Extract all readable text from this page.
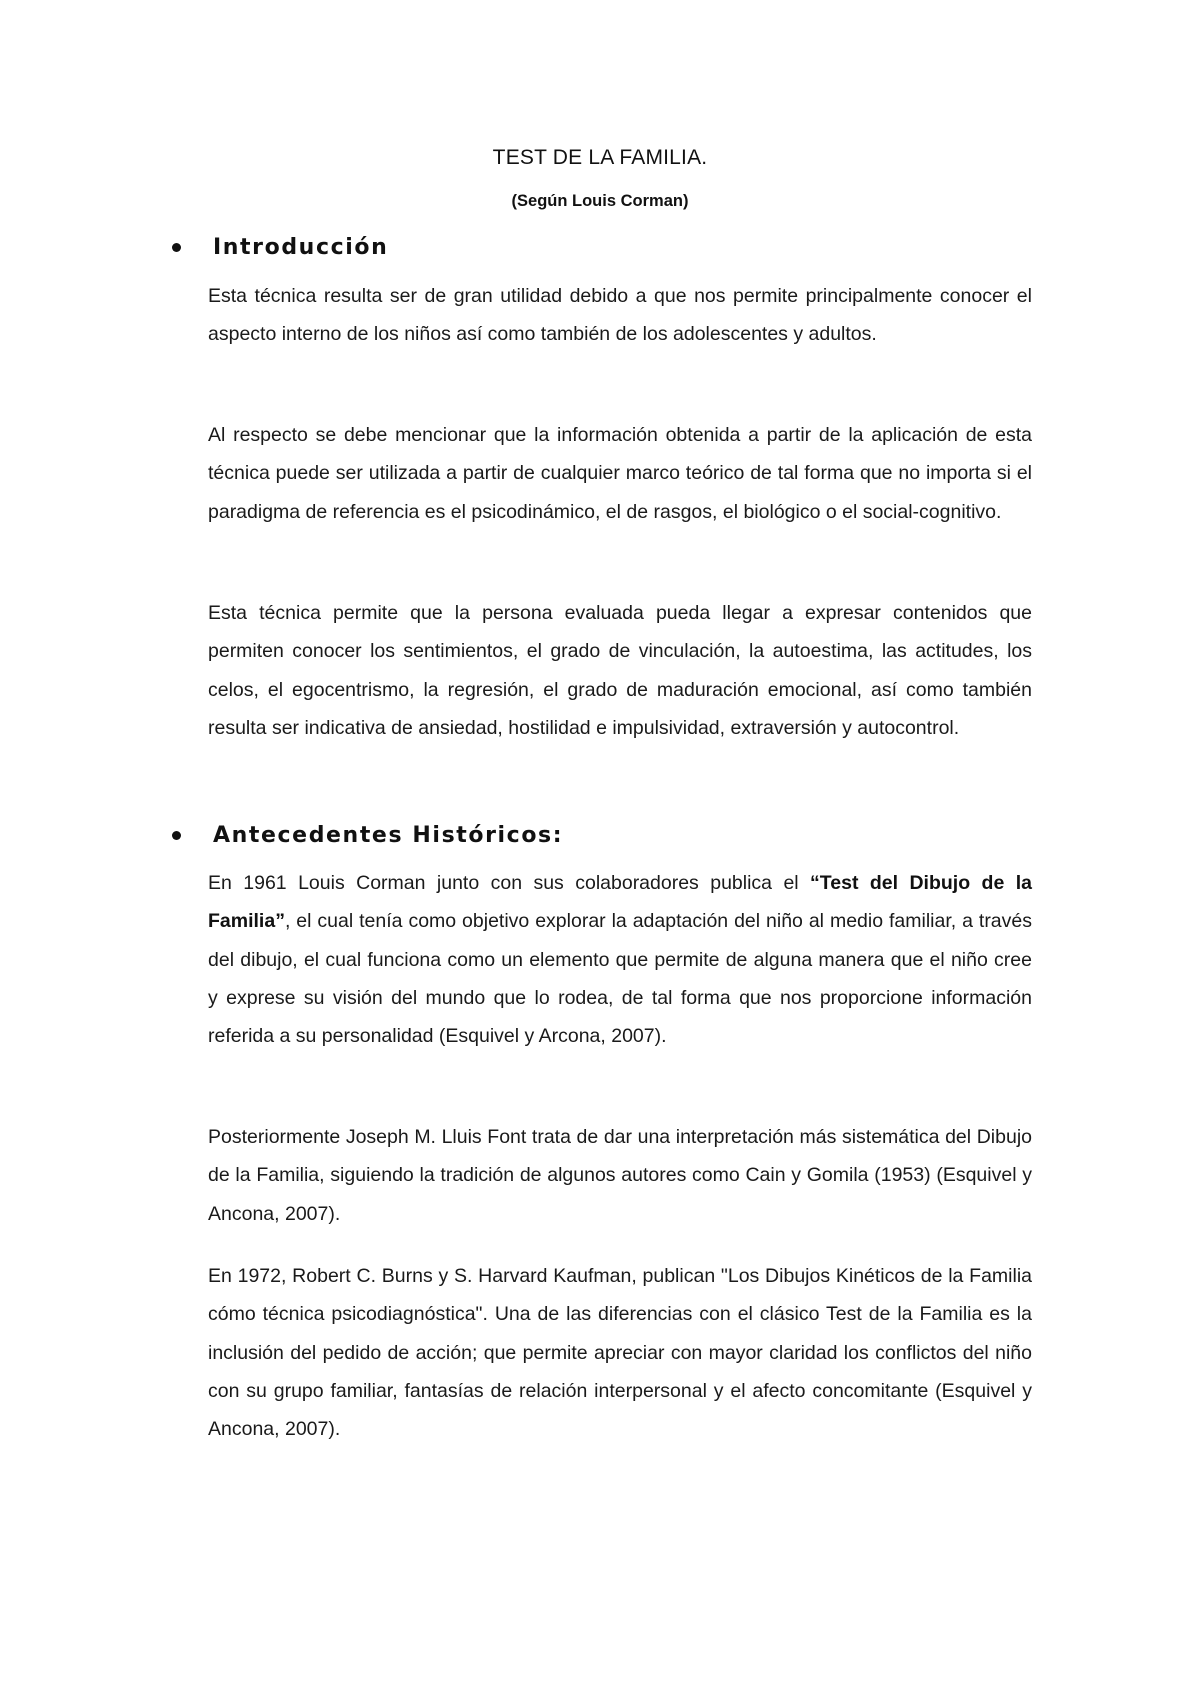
TEST DE LA FAMILIA.
(Según Louis Corman)
Introducción

Esta técnica resulta ser de gran utilidad debido a que nos permite principalmente conocer el aspecto interno de los niños así como también de los adolescentes y adultos.

Al respecto se debe mencionar que la información obtenida a partir de la aplicación de esta técnica puede ser utilizada a partir de cualquier marco teórico de tal forma que no importa si el paradigma de referencia es el psicodinámico, el de rasgos, el biológico o el social-cognitivo.

Esta técnica permite que la persona evaluada pueda llegar a expresar contenidos que permiten conocer los sentimientos, el grado de vinculación, la autoestima, las actitudes, los celos, el egocentrismo, la regresión, el grado de maduración emocional, así como también resulta ser indicativa de ansiedad, hostilidad e impulsividad, extraversión y autocontrol.

Antecedentes Históricos:

En 1961 Louis Corman junto con sus colaboradores publica el “Test del Dibujo de la Familia”, el cual tenía como objetivo explorar la adaptación del niño al medio familiar, a través del dibujo, el cual funciona como un elemento que permite de alguna manera que el niño cree y exprese su visión del mundo que lo rodea, de tal forma que nos proporcione información referida a su personalidad (Esquivel y Arcona, 2007).

Posteriormente Joseph M. Lluis Font trata de dar una interpretación más sistemática del Dibujo de la Familia, siguiendo la tradición de algunos autores como Cain y Gomila (1953) (Esquivel y Ancona, 2007).

En 1972, Robert C. Burns y S. Harvard Kaufman, publican "Los Dibujos Kinéticos de la Familia cómo técnica psicodiagnóstica". Una de las diferencias con el clásico Test de la Familia es la inclusión del pedido de acción; que permite apreciar con mayor claridad los conflictos del niño con su grupo familiar, fantasías de relación interpersonal y el afecto concomitante (Esquivel y Ancona, 2007).
